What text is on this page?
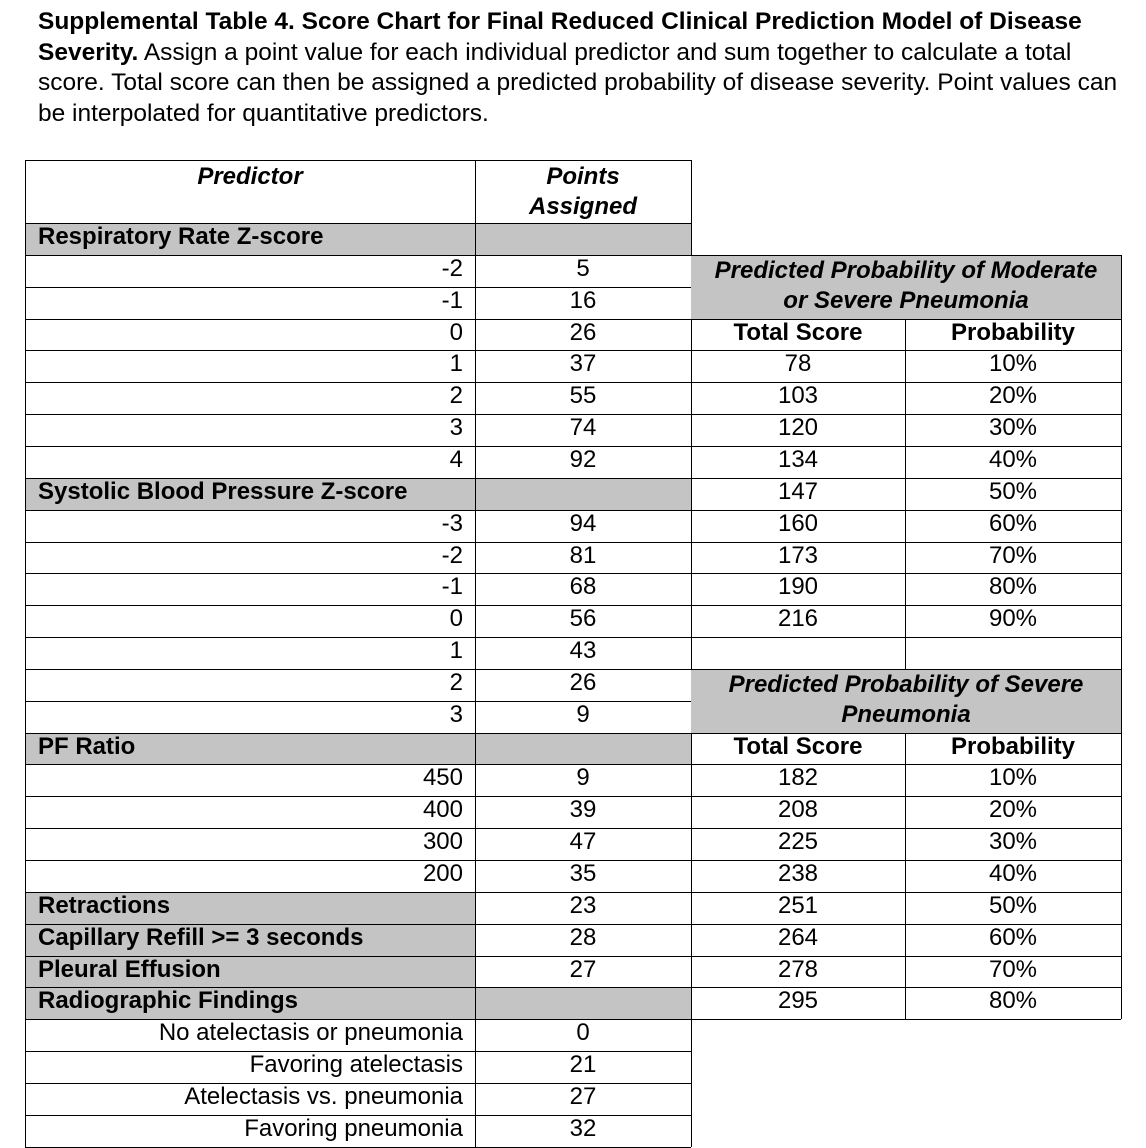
Supplemental Table 4. Score Chart for Final Reduced Clinical Prediction Model of Disease Severity. Assign a point value for each individual predictor and sum together to calculate a total score. Total score can then be assigned a predicted probability of disease severity. Point values can be interpolated for quantitative predictors.

Predictor	Points Assigned
Respiratory Rate Z-score
-2	5
-1	16
0	26
1	37
2	55
3	74
4	92
Systolic Blood Pressure Z-score
-3	94
-2	81
-1	68
0	56
1	43
2	26
3	9
PF Ratio
450	9
400	39
300	47
200	35
Retractions	23
Capillary Refill >= 3 seconds	28
Pleural Effusion	27
Radiographic Findings
No atelectasis or pneumonia	0
Favoring atelectasis	21
Atelectasis vs. pneumonia	27
Favoring pneumonia	32
Predicted Probability of Moderate or Severe Pneumonia
Total Score	Probability
78	10%
103	20%
120	30%
134	40%
147	50%
160	60%
173	70%
190	80%
216	90%
Predicted Probability of Severe Pneumonia
Total Score	Probability
182	10%
208	20%
225	30%
238	40%
251	50%
264	60%
278	70%
295	80%
